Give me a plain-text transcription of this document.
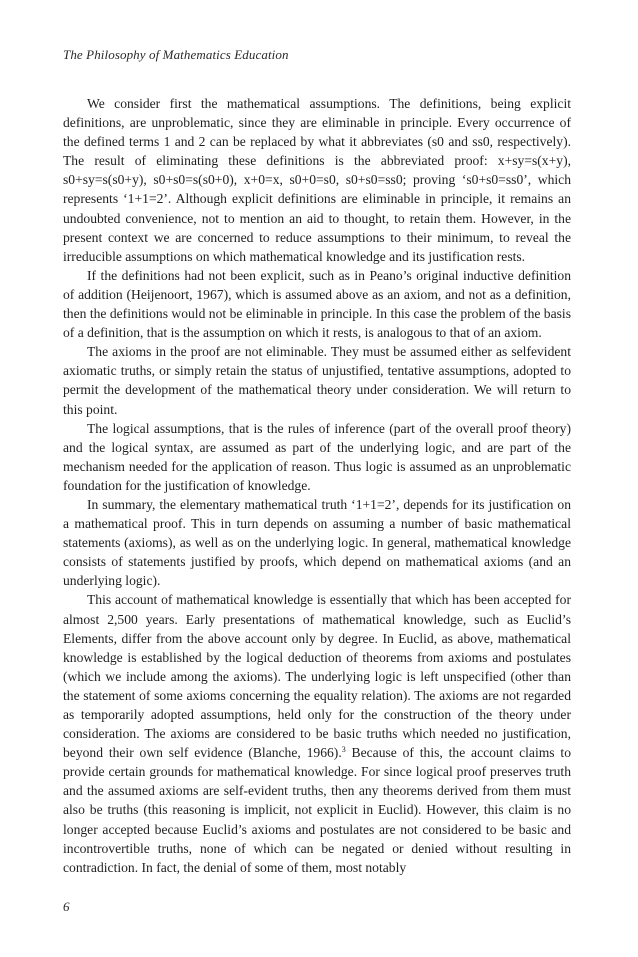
The Philosophy of Mathematics Education

We consider first the mathematical assumptions. The definitions, being explicit definitions, are unproblematic, since they are eliminable in principle. Every occurrence of the defined terms 1 and 2 can be replaced by what it abbreviates (s0 and ss0, respectively). The result of eliminating these definitions is the abbreviated proof: x+sy=s(x+y), s0+sy=s(s0+y), s0+s0=s(s0+0), x+0=x, s0+0=s0, s0+s0=ss0; proving ‘s0+s0=ss0’, which represents ‘1+1=2’. Although explicit definitions are eliminable in principle, it remains an undoubted convenience, not to mention an aid to thought, to retain them. However, in the present context we are concerned to reduce assumptions to their minimum, to reveal the irreducible assumptions on which mathematical knowledge and its justification rests.

If the definitions had not been explicit, such as in Peano’s original inductive definition of addition (Heijenoort, 1967), which is assumed above as an axiom, and not as a definition, then the definitions would not be eliminable in principle. In this case the problem of the basis of a definition, that is the assumption on which it rests, is analogous to that of an axiom.

The axioms in the proof are not eliminable. They must be assumed either as selfevident axiomatic truths, or simply retain the status of unjustified, tentative assumptions, adopted to permit the development of the mathematical theory under consideration. We will return to this point.

The logical assumptions, that is the rules of inference (part of the overall proof theory) and the logical syntax, are assumed as part of the underlying logic, and are part of the mechanism needed for the application of reason. Thus logic is assumed as an unproblematic foundation for the justification of knowledge.

In summary, the elementary mathematical truth ‘1+1=2’, depends for its justification on a mathematical proof. This in turn depends on assuming a number of basic mathematical statements (axioms), as well as on the underlying logic. In general, mathematical knowledge consists of statements justified by proofs, which depend on mathematical axioms (and an underlying logic).

This account of mathematical knowledge is essentially that which has been accepted for almost 2,500 years. Early presentations of mathematical knowledge, such as Euclid’s Elements, differ from the above account only by degree. In Euclid, as above, mathematical knowledge is established by the logical deduction of theorems from axioms and postulates (which we include among the axioms). The underlying logic is left unspecified (other than the statement of some axioms concerning the equality relation). The axioms are not regarded as temporarily adopted assumptions, held only for the construction of the theory under consideration. The axioms are considered to be basic truths which needed no justification, beyond their own self evidence (Blanche, 1966).$^3$ Because of this, the account claims to provide certain grounds for mathematical knowledge. For since logical proof preserves truth and the assumed axioms are self-evident truths, then any theorems derived from them must also be truths (this reasoning is implicit, not explicit in Euclid). However, this claim is no longer accepted because Euclid’s axioms and postulates are not considered to be basic and incontrovertible truths, none of which can be negated or denied without resulting in contradiction. In fact, the denial of some of them, most notably

6
